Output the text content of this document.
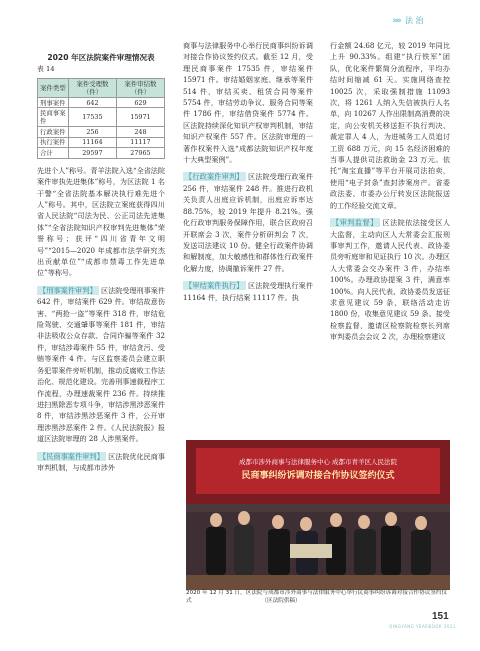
››››› 法 治
2020 年区法院案件审理情况表
表 14
案件类型	案件受理数（件）	案件审结数（件）
刑事案件	642	629
民商事案件	17535	15971
行政案件	256	248
执行案件	11164	11117
合计	29597	27965

先进个人”称号。青羊法院入选“全省法院案件审执先进集体”称号，为区法院 1 名干警“全省法院基本解决执行难先进个人”称号。其中，区法院立案庭获得四川省人民法院“司法为民、公正司法先进集体”“全省法院知识产权审判先进集体”荣誉称号；获评“四川省青年文明号”“2015—2020 年成都市法学研究杰出贡献单位”“成都市禁毒工作先进单位”等称号。

【刑事案件审判】 区法院受理刑事案件 642 件，审结案件 629 件。审结故意伤害、“两抢一盗”等案件 318 件，审结危险驾驶、交通肇事等案件 181 件，审结非法吸收公众存款、合同诈骗等案件 32 件，审结涉毒案件 55 件，审结贪污、受贿等案件 4 件。与区监察委员会建立职务犯罪案件旁听机制，推动反腐败工作法治化、规范化建设。完善刑事速裁程序工作流程，办理速裁案件 236 件。持续推进扫黑除恶专项斗争，审结涉黑涉恶案件 8 件，审结涉黑涉恶案件 3 件，公开审理涉黑涉恶案件 2 件。《人民法院报》报道区法院审理的 28 人涉黑案件。
【民商事案件审判】 区法院优化民商事审判机制，与成都市涉外

商事与法律服务中心举行民商事纠纷诉调对接合作协议签约仪式。截至 12 月，受理民商事案件 17535 件，审结案件 15971 件。审结婚姻家庭、继承等案件 514 件，审结买卖、租赁合同等案件 5754 件，审结劳动争议、服务合同等案件 1786 件，审结借贷案件 5774 件。区法院持续深化知识产权审判机制，审结知识产权案件 557 件。区法院审理的一著作权案件入选“成都法院知识产权年度十大典型案例”。

【行政案件审判】 区法院受理行政案件 256 件，审结案件 248 件。推进行政机关负责人出庭应诉机制，出庭应诉率达 88.75%，较 2019 年提升 8.21%。强化行政审判服务保障作用，联合区政府召开联席会 3 次，案件分析研判会 7 次，发送司法建议 10 份。健全行政案件协调和解制度，加大敏感性和群体性行政案件化解力度，协调撤诉案件 27 件。
【审结案件执行】 区法院受理执行案件 11164 件，执行结案 11117 件。执

行金额 24.68 亿元，较 2019 年同比上升 90.33%。组建“执行铁军”团队，优化案件繁简分流程序，平均办结时间缩减 61 天。实施网络查控 10025 次，采取强制措施 11093 次，将 1261 人纳入失信被执行人名单，向 10267 人作出限制高消费的决定，向公安机关移送拒不执行判决、裁定罪人 4 人，为进城务工人员追讨工资 688 万元，向 15 名经济困难的当事人提供司法救助金 23 万元。依托“淘宝直播”等平台开展司法拍卖，使用“电子封条”查封涉案房产。省委政法委、市委办公厅转发区法院报送的工作经验交流文章。

【审判监督】 区法院依法接受区人大监督，主动向区人大常委会汇报刑事审判工作，邀请人民代表、政协委员旁听庭审和见证执行 10 次。办理区人大常委会交办案件 3 件，办结率 100%。办理政协提案 3 件，满意率 100%。向人民代表、政协委员发送征求意见建议 59 条，联络活动走访 1800 份，收集意见建议 59 条。接受检察监督，邀请区检察院检察长列席审判委员会会议 2 次，办理检察建议
成都市涉外商事与法律服务中心 成都市青羊区人民法院
民商事纠纷诉调对接合作协议签约仪式
2020 年 12 月 31 日，区法院与成都市涉外商事与法律服务中心举行民商事纠纷诉调对接合作协议签约仪式　　　　　　　　　　　　　（区法院供稿）
151
QINGYANG YEARBOOK 2021
